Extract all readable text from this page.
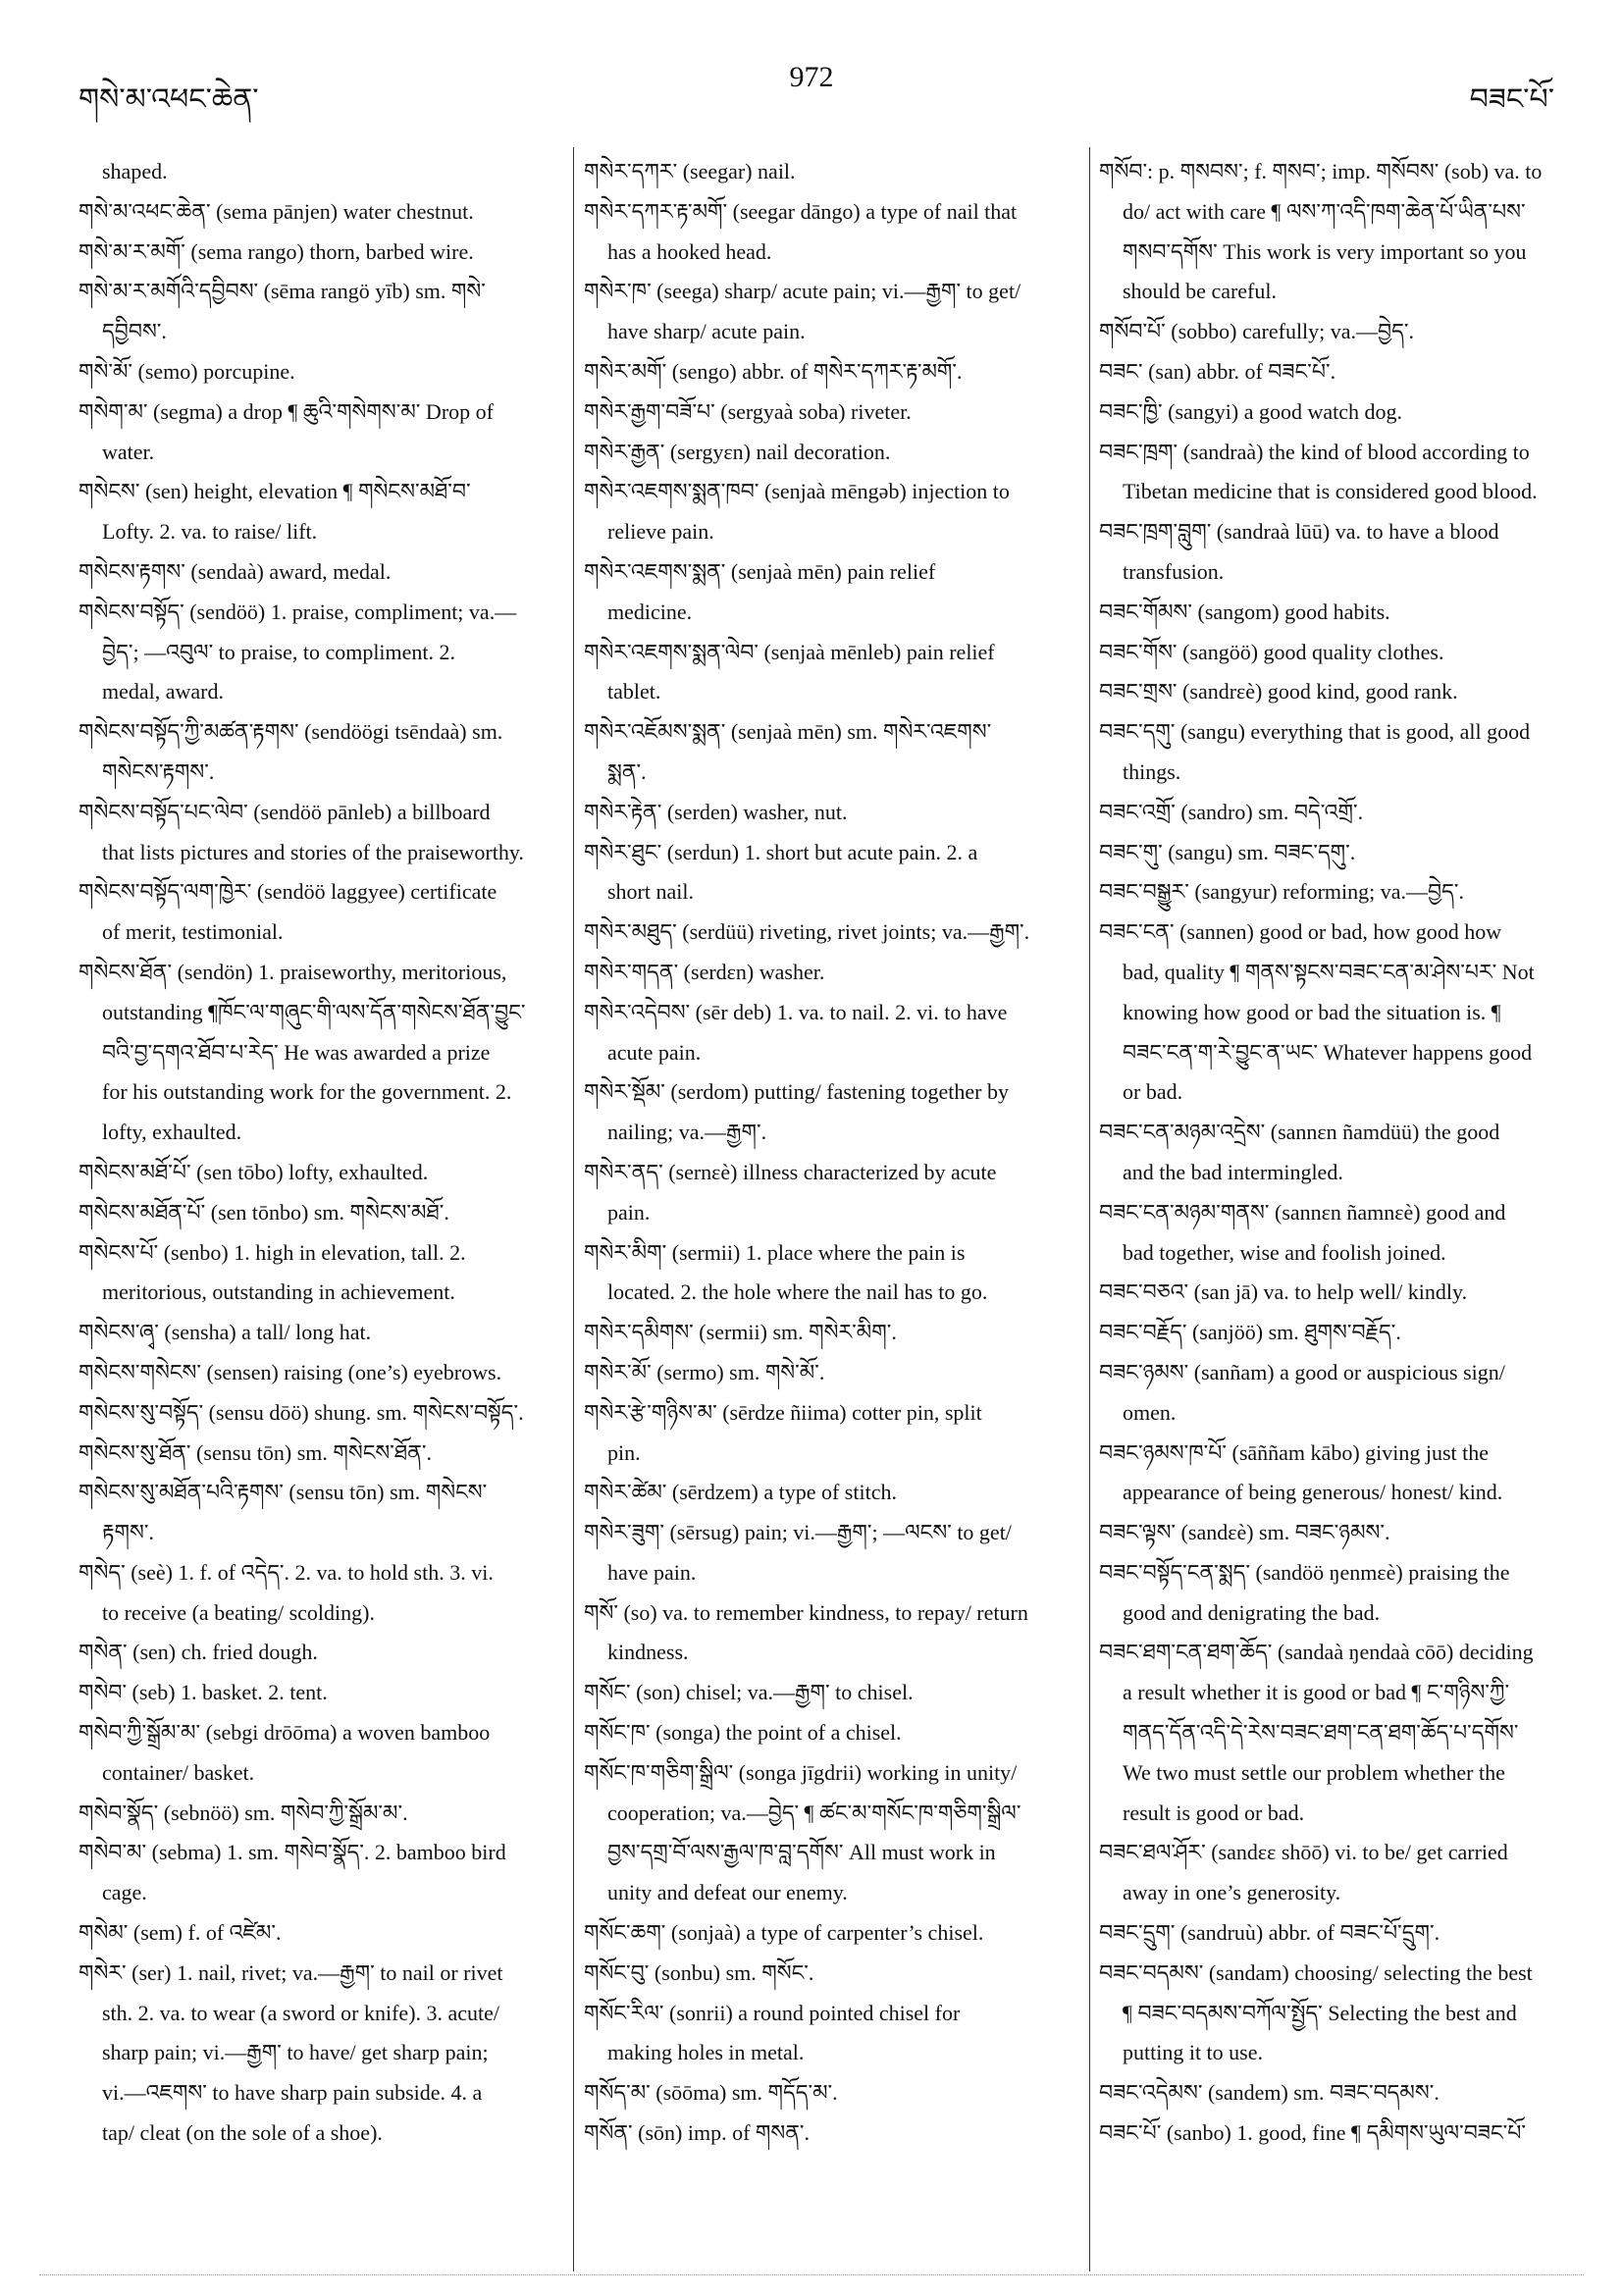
གསེ་མ་འཕང་ཆེན་
972
བཟང་པོ་
shaped.
གསེ་མ་འཕང་ཆེན་ (sema pānjen) water chestnut.
གསེ་མ་ར་མགོ་ (sema rango) thorn, barbed wire.
གསེ་མ་ར་མགོའི་དབྱིབས་ (sēma rangö yīb) sm. གསེ་
དབྱིབས་.
གསེ་མོ་ (semo) porcupine.
གསེག་མ་ (segma) a drop ¶ ཆུའི་གསེགས་མ་ Drop of
water.
གསེངས་ (sen) height, elevation ¶ གསེངས་མཐོ་བ་
Lofty. 2. va. to raise/ lift.
གསེངས་རྟགས་ (sendaà) award, medal.
གསེངས་བསྟོད་ (sendöö) 1. praise, compliment; va.—
བྱེད་; —འབུལ་ to praise, to compliment. 2.
medal, award.
གསེངས་བསྟོད་ཀྱི་མཚན་རྟགས་ (sendöögi tsēndaà) sm.
གསེངས་རྟགས་.
གསེངས་བསྟོད་པང་ལེབ་ (sendöö pānleb) a billboard
that lists pictures and stories of the praiseworthy.
གསེངས་བསྟོད་ལག་ཁྱེར་ (sendöö laggyee) certificate
of merit, testimonial.
གསེངས་ཐོན་ (sendön) 1. praiseworthy, meritorious,
outstanding ¶ཁོང་ལ་གཞུང་གི་ལས་དོན་གསེངས་ཐོན་བྱུང་
བའི་བྱ་དགའ་ཐོབ་པ་རེད་ He was awarded a prize
for his outstanding work for the government. 2.
lofty, exhaulted.
གསེངས་མཐོ་པོ་ (sen tōbo) lofty, exhaulted.
གསེངས་མཐོན་པོ་ (sen tōnbo) sm. གསེངས་མཐོ་.
གསེངས་པོ་ (senbo) 1. high in elevation, tall. 2.
meritorious, outstanding in achievement.
གསེངས་ཞྭ་ (sensha) a tall/ long hat.
གསེངས་གསེངས་ (sensen) raising (one’s) eyebrows.
གསེངས་སུ་བསྟོད་ (sensu dōö) shung. sm. གསེངས་བསྟོད་.
གསེངས་སུ་ཐོན་ (sensu tōn) sm. གསེངས་ཐོན་.
གསེངས་སུ་མཐོན་པའི་རྟགས་ (sensu tōn) sm. གསེངས་
རྟགས་.
གསེད་ (seè) 1. f. of འདེད་. 2. va. to hold sth. 3. vi.
to receive (a beating/ scolding).
གསེན་ (sen) ch. fried dough.
གསེབ་ (seb) 1. basket. 2. tent.
གསེབ་ཀྱི་སྒྲོམ་མ་ (sebgi drōōma) a woven bamboo
container/ basket.
གསེབ་སྣོད་ (sebnöö) sm. གསེབ་ཀྱི་སྒྲོམ་མ་.
གསེབ་མ་ (sebma) 1. sm. གསེབ་སྣོད་. 2. bamboo bird
cage.
གསེམ་ (sem) f. of འཛེམ་.
གསེར་ (ser) 1. nail, rivet; va.—རྒྱག་ to nail or rivet
sth. 2. va. to wear (a sword or knife). 3. acute/
sharp pain; vi.—རྒྱག་ to have/ get sharp pain;
vi.—འཇགས་ to have sharp pain subside. 4. a
tap/ cleat (on the sole of a shoe).
གསེར་དཀར་ (seegar) nail.
གསེར་དཀར་རྟ་མགོ་ (seegar dāngo) a type of nail that
has a hooked head.
གསེར་ཁ་ (seega) sharp/ acute pain; vi.—རྒྱག་ to get/
have sharp/ acute pain.
གསེར་མགོ་ (sengo) abbr. of གསེར་དཀར་རྟ་མགོ་.
གསེར་རྒྱག་བཟོ་པ་ (sergyaà soba) riveter.
གསེར་རྒྱན་ (sergyεn) nail decoration.
གསེར་འཇགས་སྨན་ཁབ་ (senjaà mēngəb) injection to
relieve pain.
གསེར་འཇགས་སྨན་ (senjaà mēn) pain relief
medicine.
གསེར་འཇགས་སྨན་ལེབ་ (senjaà mēnleb) pain relief
tablet.
གསེར་འཇོམས་སྨན་ (senjaà mēn) sm. གསེར་འཇགས་
སྨན་.
གསེར་རྟེན་ (serden) washer, nut.
གསེར་ཐུང་ (serdun) 1. short but acute pain. 2. a
short nail.
གསེར་མཐུད་ (serdüü) riveting, rivet joints; va.—རྒྱག་.
གསེར་གདན་ (serdεn) washer.
གསེར་འདེབས་ (sēr deb) 1. va. to nail. 2. vi. to have
acute pain.
གསེར་སྡོམ་ (serdom) putting/ fastening together by
nailing; va.—རྒྱག་.
གསེར་ནད་ (sernεè) illness characterized by acute
pain.
གསེར་མིག་ (sermii) 1. place where the pain is
located. 2. the hole where the nail has to go.
གསེར་དམིགས་ (sermii) sm. གསེར་མིག་.
གསེར་མོ་ (sermo) sm. གསེ་མོ་.
གསེར་རྩེ་གཉིས་མ་ (sērdze ñiima) cotter pin, split
pin.
གསེར་ཚེམ་ (sērdzem) a type of stitch.
གསེར་ཟུག་ (sērsug) pain; vi.—རྒྱག་; —ལངས་ to get/
have pain.
གསོ་ (so) va. to remember kindness, to repay/ return
kindness.
གསོང་ (son) chisel; va.—རྒྱག་ to chisel.
གསོང་ཁ་ (songa) the point of a chisel.
གསོང་ཁ་གཅིག་སྒྲིལ་ (songa jīgdrii) working in unity/
cooperation; va.—བྱེད་ ¶ ཚང་མ་གསོང་ཁ་གཅིག་སྒྲིལ་
བྱས་དགྲ་བོ་ལས་རྒྱལ་ཁ་བླ་དགོས་ All must work in
unity and defeat our enemy.
གསོང་ཆག་ (sonjaà) a type of carpenter’s chisel.
གསོང་བུ་ (sonbu) sm. གསོང་.
གསོང་རིལ་ (sonrii) a round pointed chisel for
making holes in metal.
གསོད་མ་ (sōōma) sm. གདོད་མ་.
གསོན་ (sōn) imp. of གསན་.
གསོབ་: p. གསབས་; f. གསབ་; imp. གསོབས་ (sob) va. to
do/ act with care ¶ ལས་ཀ་འདི་ཁག་ཆེན་པོ་ཡིན་པས་
གསབ་དགོས་ This work is very important so you
should be careful.
གསོབ་པོ་ (sobbo) carefully; va.—བྱེད་.
བཟང་ (san) abbr. of བཟང་པོ་.
བཟང་ཁྱི་ (sangyi) a good watch dog.
བཟང་ཁྲག་ (sandraà) the kind of blood according to
Tibetan medicine that is considered good blood.
བཟང་ཁྲག་བླུག་ (sandraà lūū) va. to have a blood
transfusion.
བཟང་གོམས་ (sangom) good habits.
བཟང་གོས་ (sangöö) good quality clothes.
བཟང་གྲས་ (sandrεè) good kind, good rank.
བཟང་དགུ་ (sangu) everything that is good, all good
things.
བཟང་འགྲོ་ (sandro) sm. བདེ་འགྲོ་.
བཟང་གུ་ (sangu) sm. བཟང་དགུ་.
བཟང་བསྒྱུར་ (sangyur) reforming; va.—བྱེད་.
བཟང་ངན་ (sannen) good or bad, how good how
bad, quality ¶ གནས་སྟངས་བཟང་ངན་མ་ཤེས་པར་ Not
knowing how good or bad the situation is. ¶
བཟང་ངན་ག་རེ་བྱུང་ན་ཡང་ Whatever happens good
or bad.
བཟང་ངན་མཉམ་འདྲེས་ (sannεn ñamdüü) the good
and the bad intermingled.
བཟང་ངན་མཉམ་གནས་ (sannεn ñamnεè) good and
bad together, wise and foolish joined.
བཟང་བཅའ་ (san jā) va. to help well/ kindly.
བཟང་བརྗོད་ (sanjöö) sm. ཐུགས་བརྗོད་.
བཟང་ཉམས་ (sanñam) a good or auspicious sign/
omen.
བཟང་ཉམས་ཁ་པོ་ (sāññam kābo) giving just the
appearance of being generous/ honest/ kind.
བཟང་ལྟས་ (sandεè) sm. བཟང་ཉམས་.
བཟང་བསྟོད་ངན་སྨད་ (sandöö ŋenmεè) praising the
good and denigrating the bad.
བཟང་ཐག་ངན་ཐག་ཆོད་ (sandaà ŋendaà cōō) deciding
a result whether it is good or bad ¶ ང་གཉིས་ཀྱི་
གནད་དོན་འདི་དེ་རེས་བཟང་ཐག་ངན་ཐག་ཆོད་པ་དགོས་
We two must settle our problem whether the
result is good or bad.
བཟང་ཐལ་ཤོར་ (sandεε shōō) vi. to be/ get carried
away in one’s generosity.
བཟང་དྲུག་ (sandruù) abbr. of བཟང་པོ་དྲུག་.
བཟང་བདམས་ (sandam) choosing/ selecting the best
¶ བཟང་བདམས་བཀོལ་སྤྱོད་ Selecting the best and
putting it to use.
བཟང་འདེམས་ (sandem) sm. བཟང་བདམས་.
བཟང་པོ་ (sanbo) 1. good, fine ¶ དམིགས་ཡུལ་བཟང་པོ་
